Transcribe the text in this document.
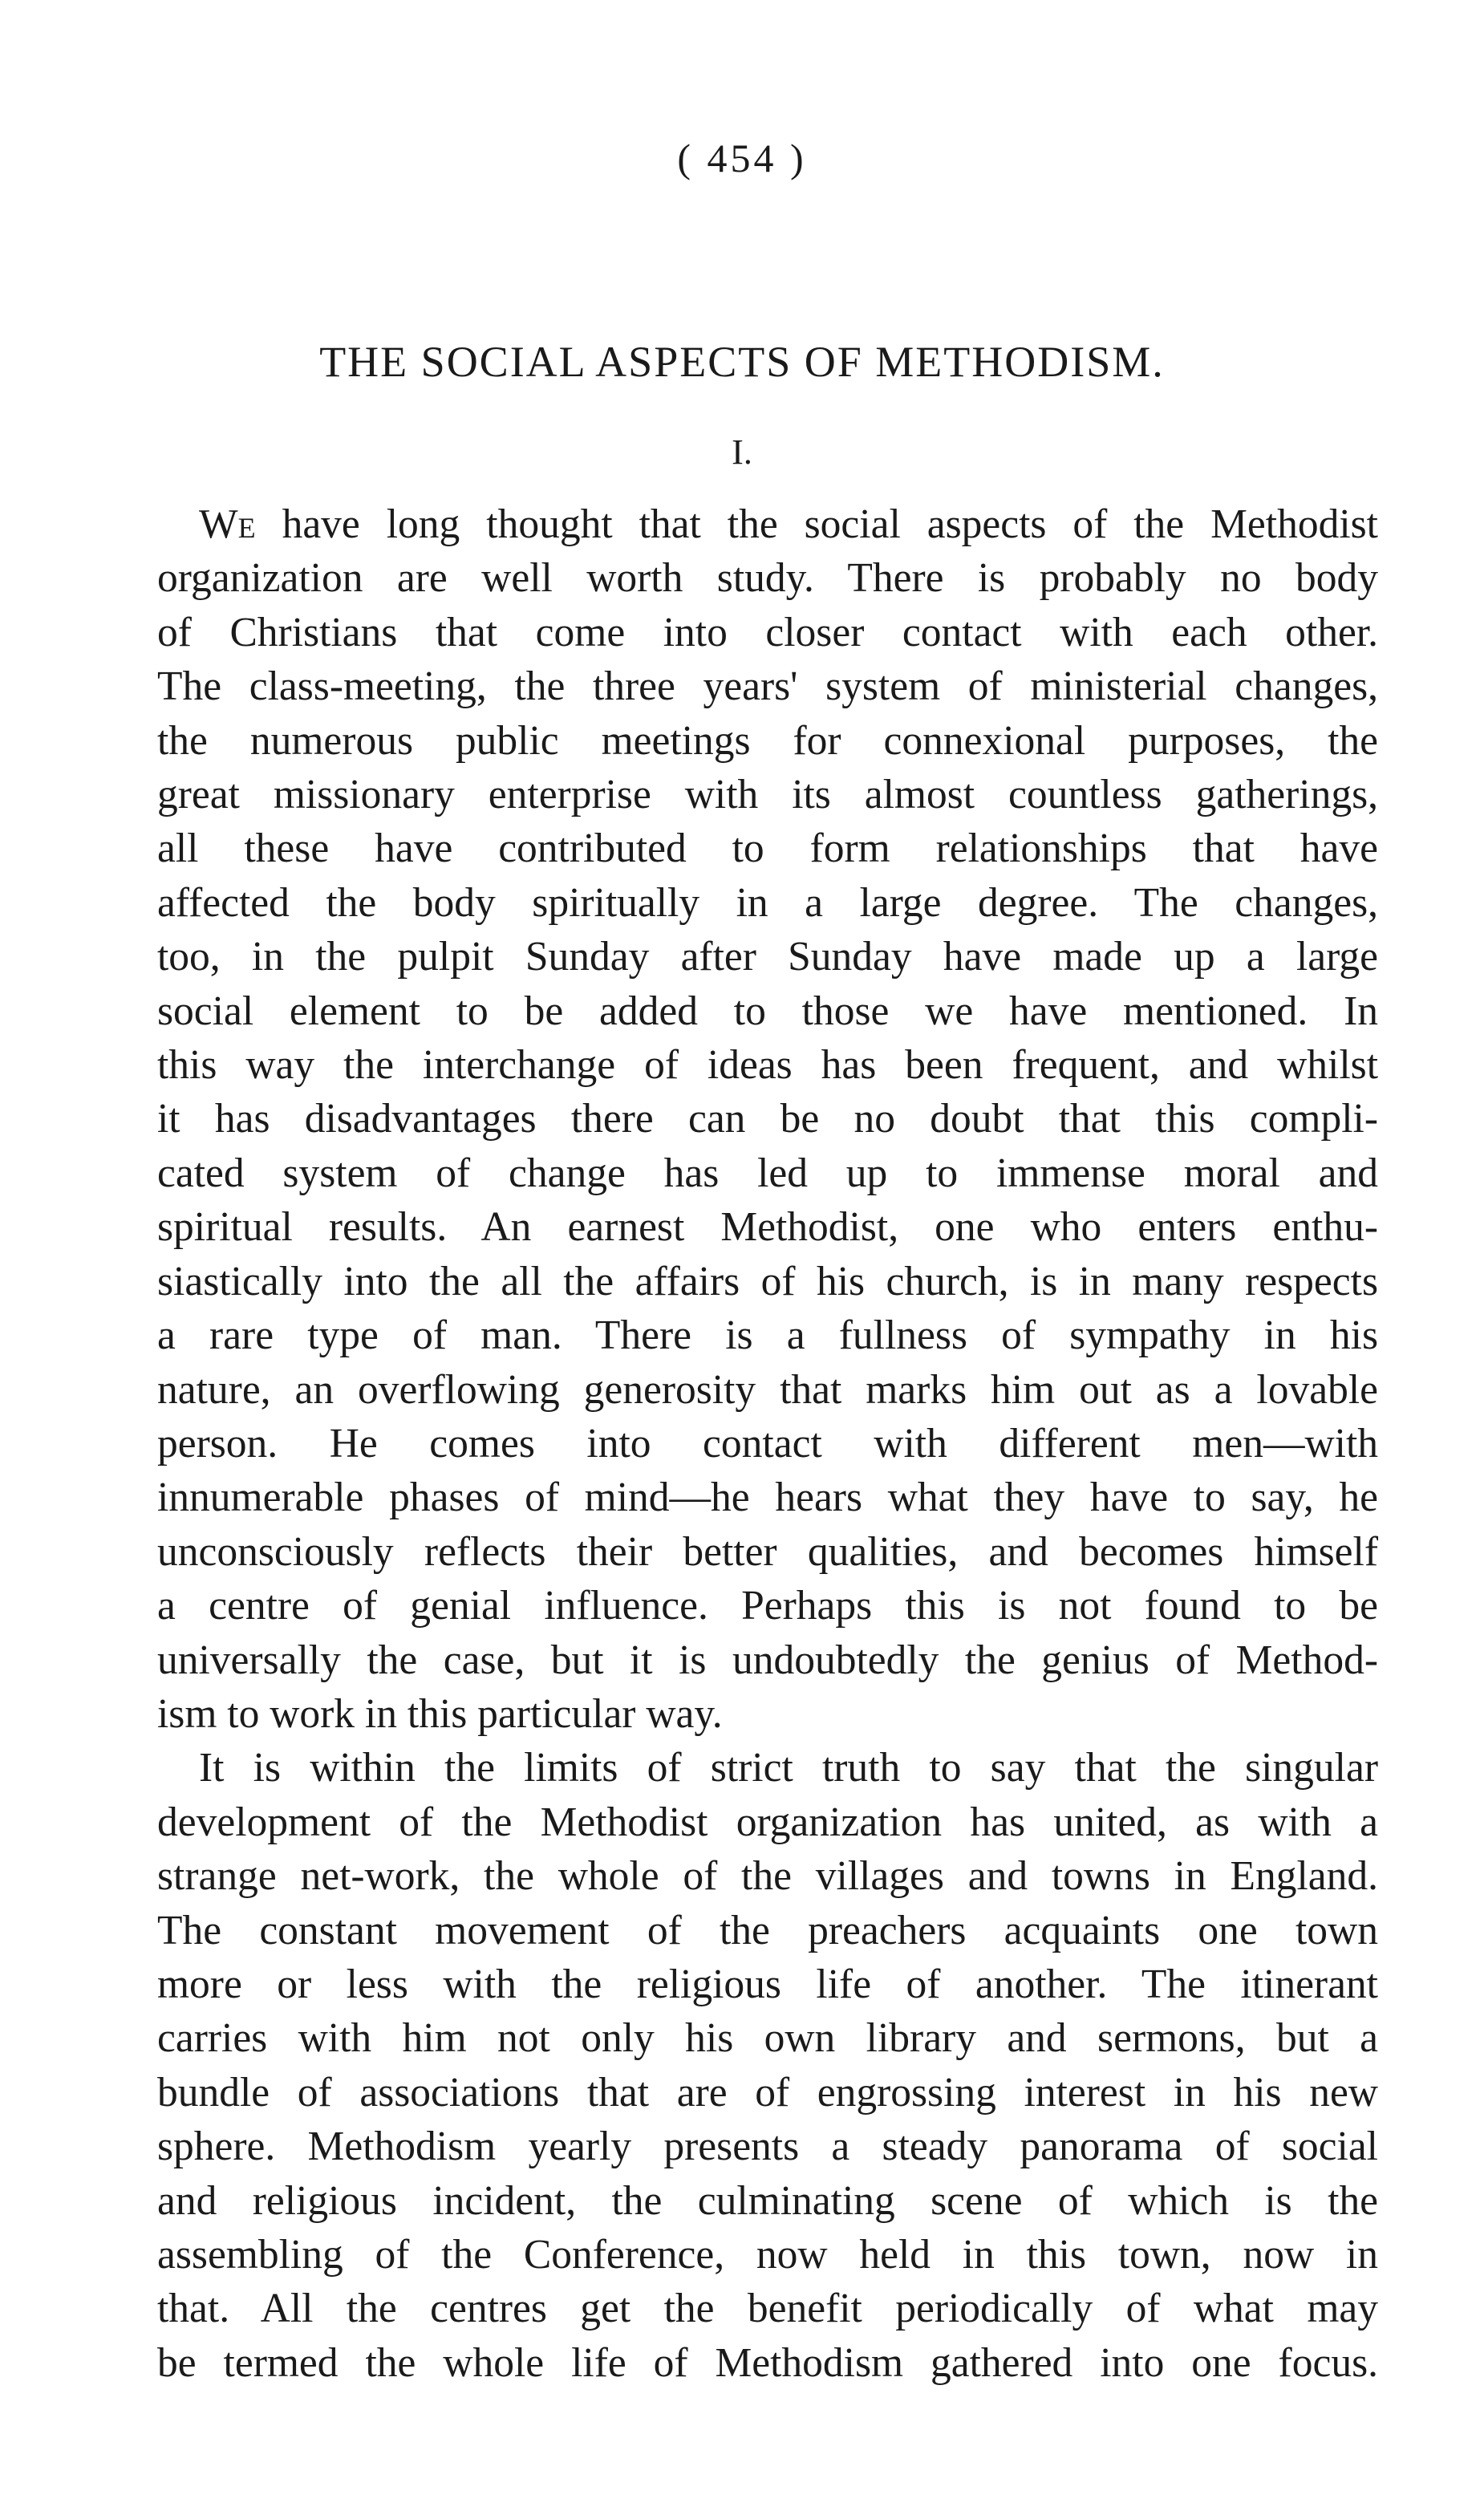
( 454 )
THE SOCIAL ASPECTS OF METHODISM.
I.

We have long thought that the social aspects of the Methodist
organization are well worth study. There is probably no body
of Christians that come into closer contact with each other.
The class-meeting, the three years' system of ministerial changes,
the numerous public meetings for connexional purposes, the
great missionary enterprise with its almost countless gatherings,
all these have contributed to form relationships that have
affected the body spiritually in a large degree. The changes,
too, in the pulpit Sunday after Sunday have made up a large
social element to be added to those we have mentioned. In
this way the interchange of ideas has been frequent, and whilst
it has disadvantages there can be no doubt that this compli-
cated system of change has led up to immense moral and
spiritual results. An earnest Methodist, one who enters enthu-
siastically into the all the affairs of his church, is in many respects
a rare type of man. There is a fullness of sympathy in his
nature, an overflowing generosity that marks him out as a lovable
person. He comes into contact with different men—with
innumerable phases of mind—he hears what they have to say, he
unconsciously reflects their better qualities, and becomes himself
a centre of genial influence. Perhaps this is not found to be
universally the case, but it is undoubtedly the genius of Method-
ism to work in this particular way.

It is within the limits of strict truth to say that the singular
development of the Methodist organization has united, as with a
strange net-work, the whole of the villages and towns in England.
The constant movement of the preachers acquaints one town
more or less with the religious life of another. The itinerant
carries with him not only his own library and sermons, but a
bundle of associations that are of engrossing interest in his new
sphere. Methodism yearly presents a steady panorama of social
and religious incident, the culminating scene of which is the
assembling of the Conference, now held in this town, now in
that. All the centres get the benefit periodically of what may
be termed the whole life of Methodism gathered into one focus.
